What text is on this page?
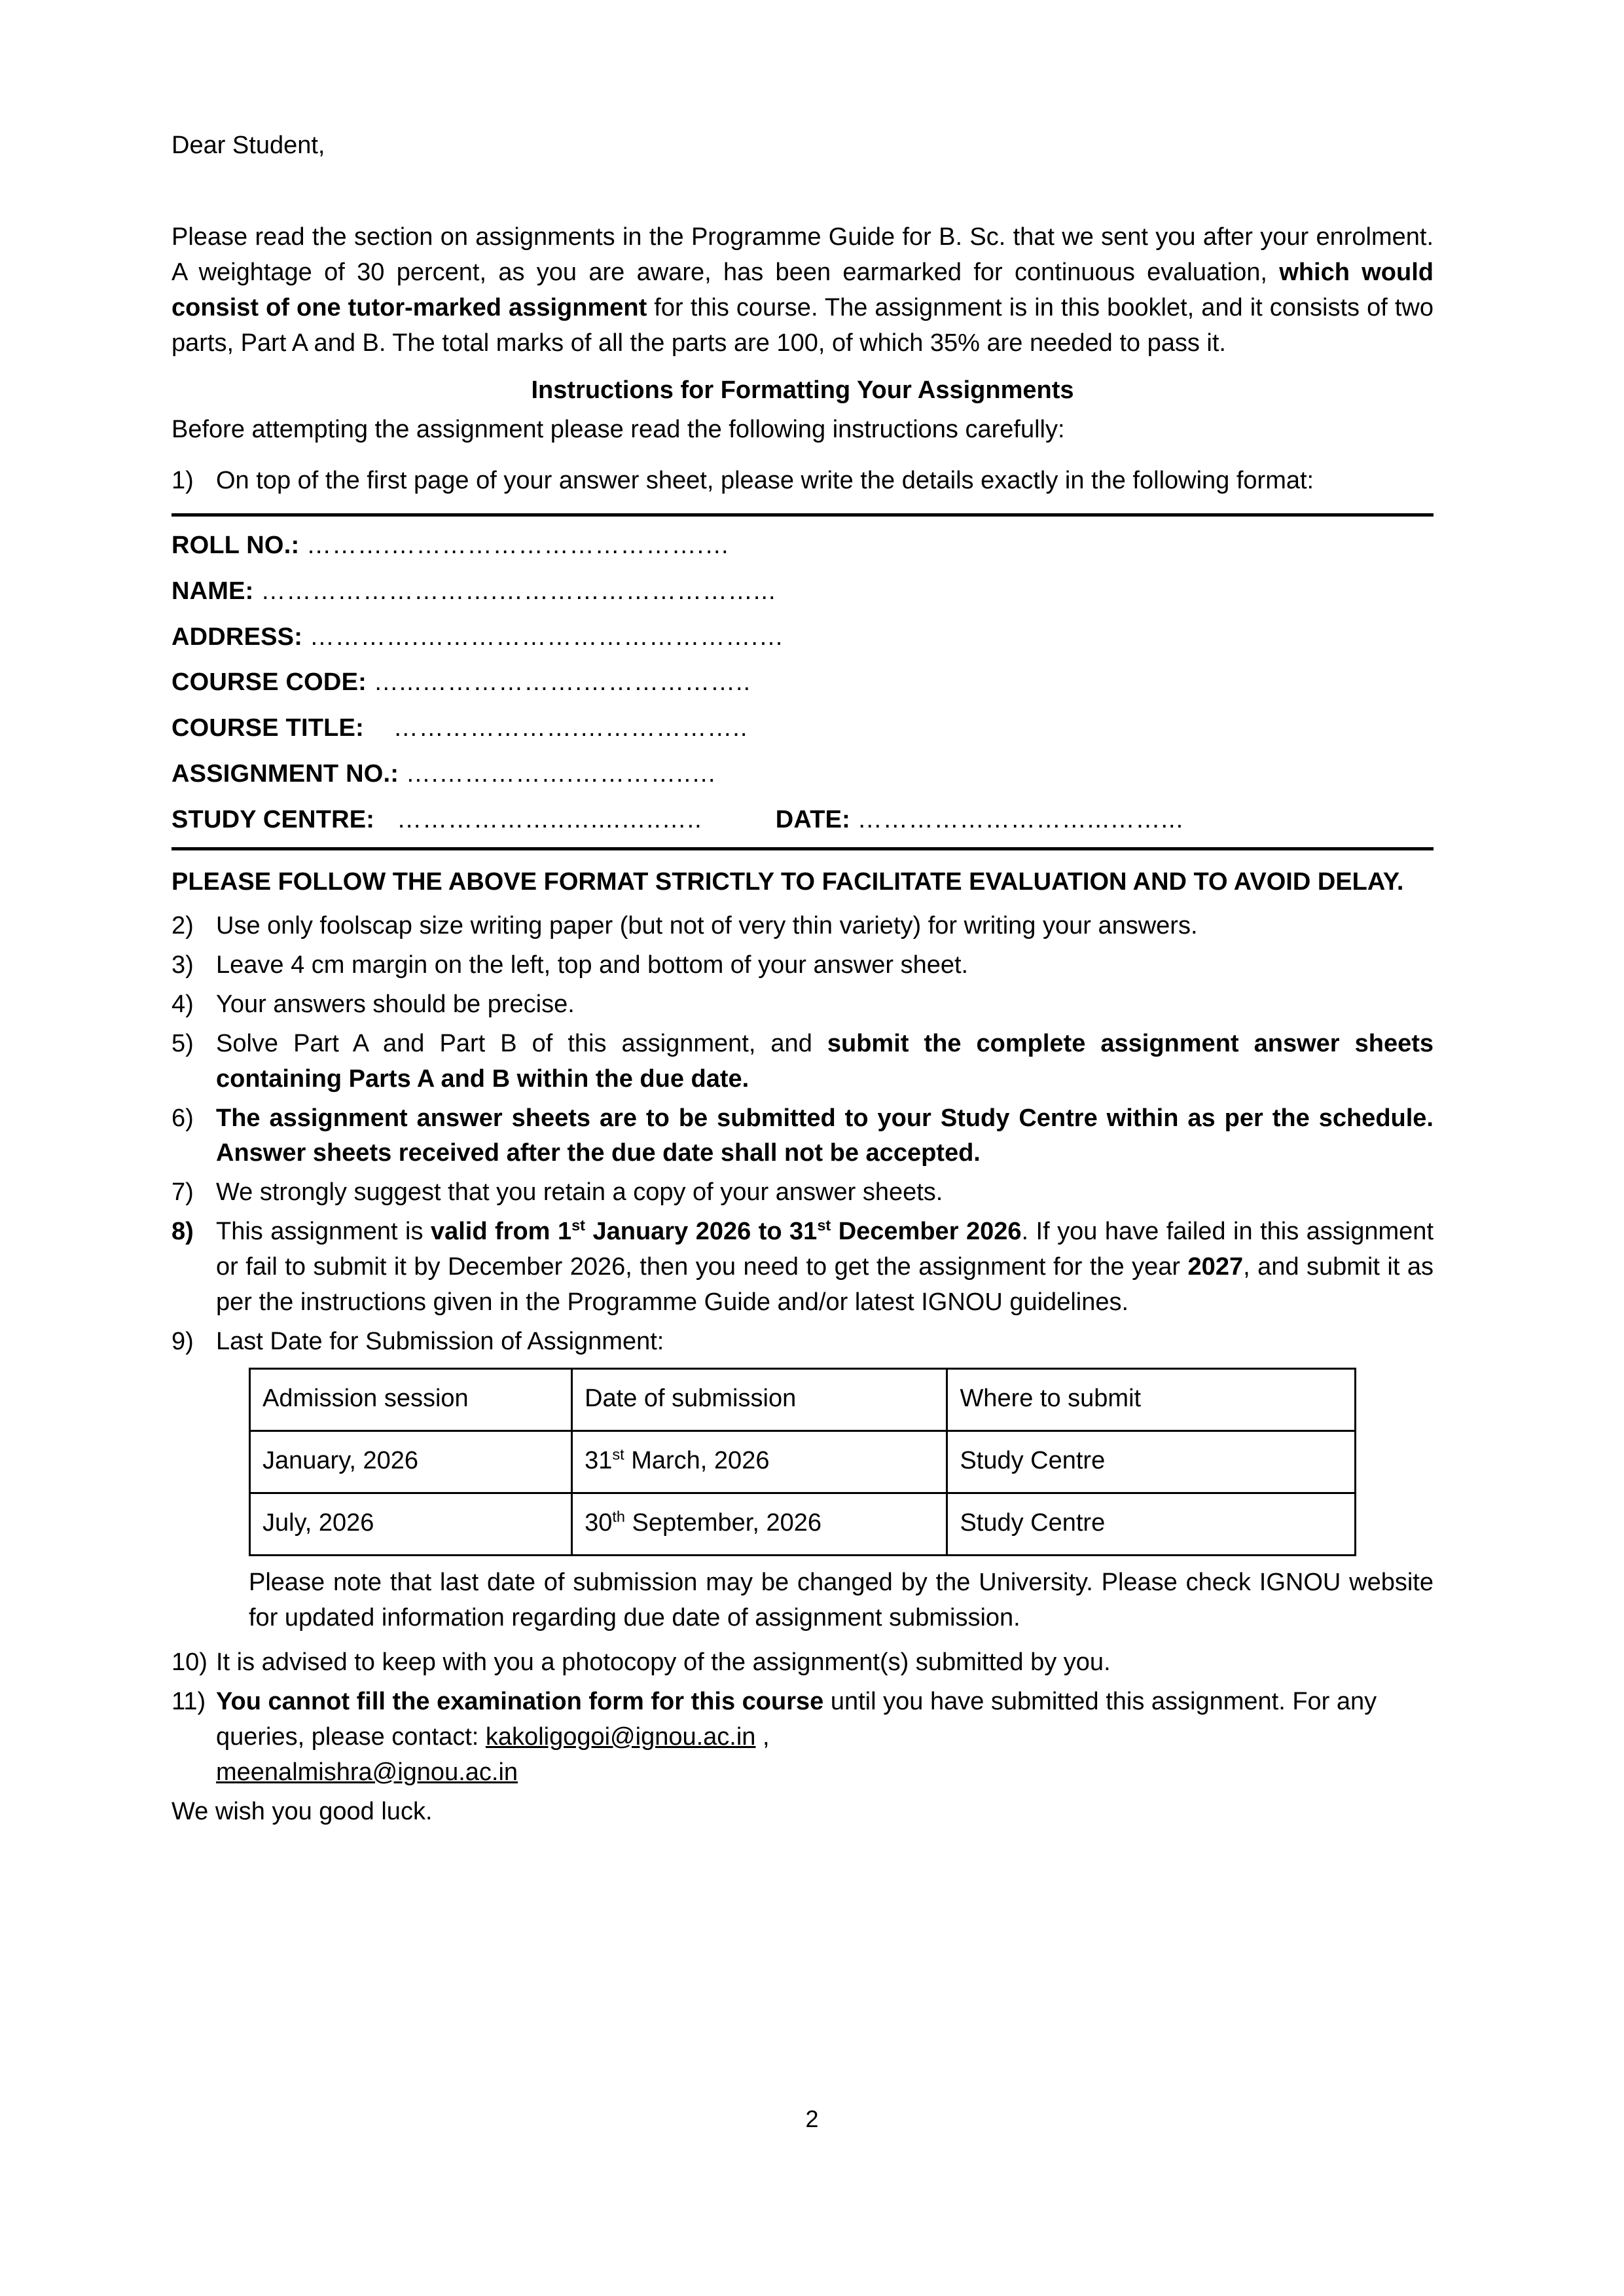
Dear Student,

Please read the section on assignments in the Programme Guide for B. Sc. that we sent you after your enrolment. A weightage of 30 percent, as you are aware, has been earmarked for continuous evaluation, which would consist of one tutor-marked assignment for this course. The assignment is in this booklet, and it consists of two parts, Part A and B. The total marks of all the parts are 100, of which 35% are needed to pass it.

Instructions for Formatting Your Assignments

Before attempting the assignment please read the following instructions carefully:

1) On top of the first page of your answer sheet, please write the details exactly in the following format:
ROLL NO.: ……….……………………………….…
NAME: ……………………….…………………………...
ADDRESS: ………….………………………………….…
COURSE CODE: …...……………….………………..
COURSE TITLE: ………………….………………..
ASSIGNMENT NO.: ….…………….…………..…
STUDY CENTRE: ………………..…....…..…..	DATE: ………………………...……...

PLEASE FOLLOW THE ABOVE FORMAT STRICTLY TO FACILITATE EVALUATION AND TO AVOID DELAY.

2) Use only foolscap size writing paper (but not of very thin variety) for writing your answers.
3) Leave 4 cm margin on the left, top and bottom of your answer sheet.
4) Your answers should be precise.
5) Solve Part A and Part B of this assignment, and submit the complete assignment answer sheets containing Parts A and B within the due date.
6) The assignment answer sheets are to be submitted to your Study Centre within as per the schedule. Answer sheets received after the due date shall not be accepted.
7) We strongly suggest that you retain a copy of your answer sheets.
8) This assignment is valid from 1st January 2026 to 31st December 2026. If you have failed in this assignment or fail to submit it by December 2026, then you need to get the assignment for the year 2027, and submit it as per the instructions given in the Programme Guide and/or latest IGNOU guidelines.
9) Last Date for Submission of Assignment:
Admission session	Date of submission	Where to submit
January, 2026	31st March, 2026	Study Centre
July, 2026	30th September, 2026	Study Centre

Please note that last date of submission may be changed by the University. Please check IGNOU website for updated information regarding due date of assignment submission.

10) It is advised to keep with you a photocopy of the assignment(s) submitted by you.
11) You cannot fill the examination form for this course until you have submitted this assignment. For any queries, please contact: kakoligogoi@ignou.ac.in ,
meenalmishra@ignou.ac.in

We wish you good luck.

2
